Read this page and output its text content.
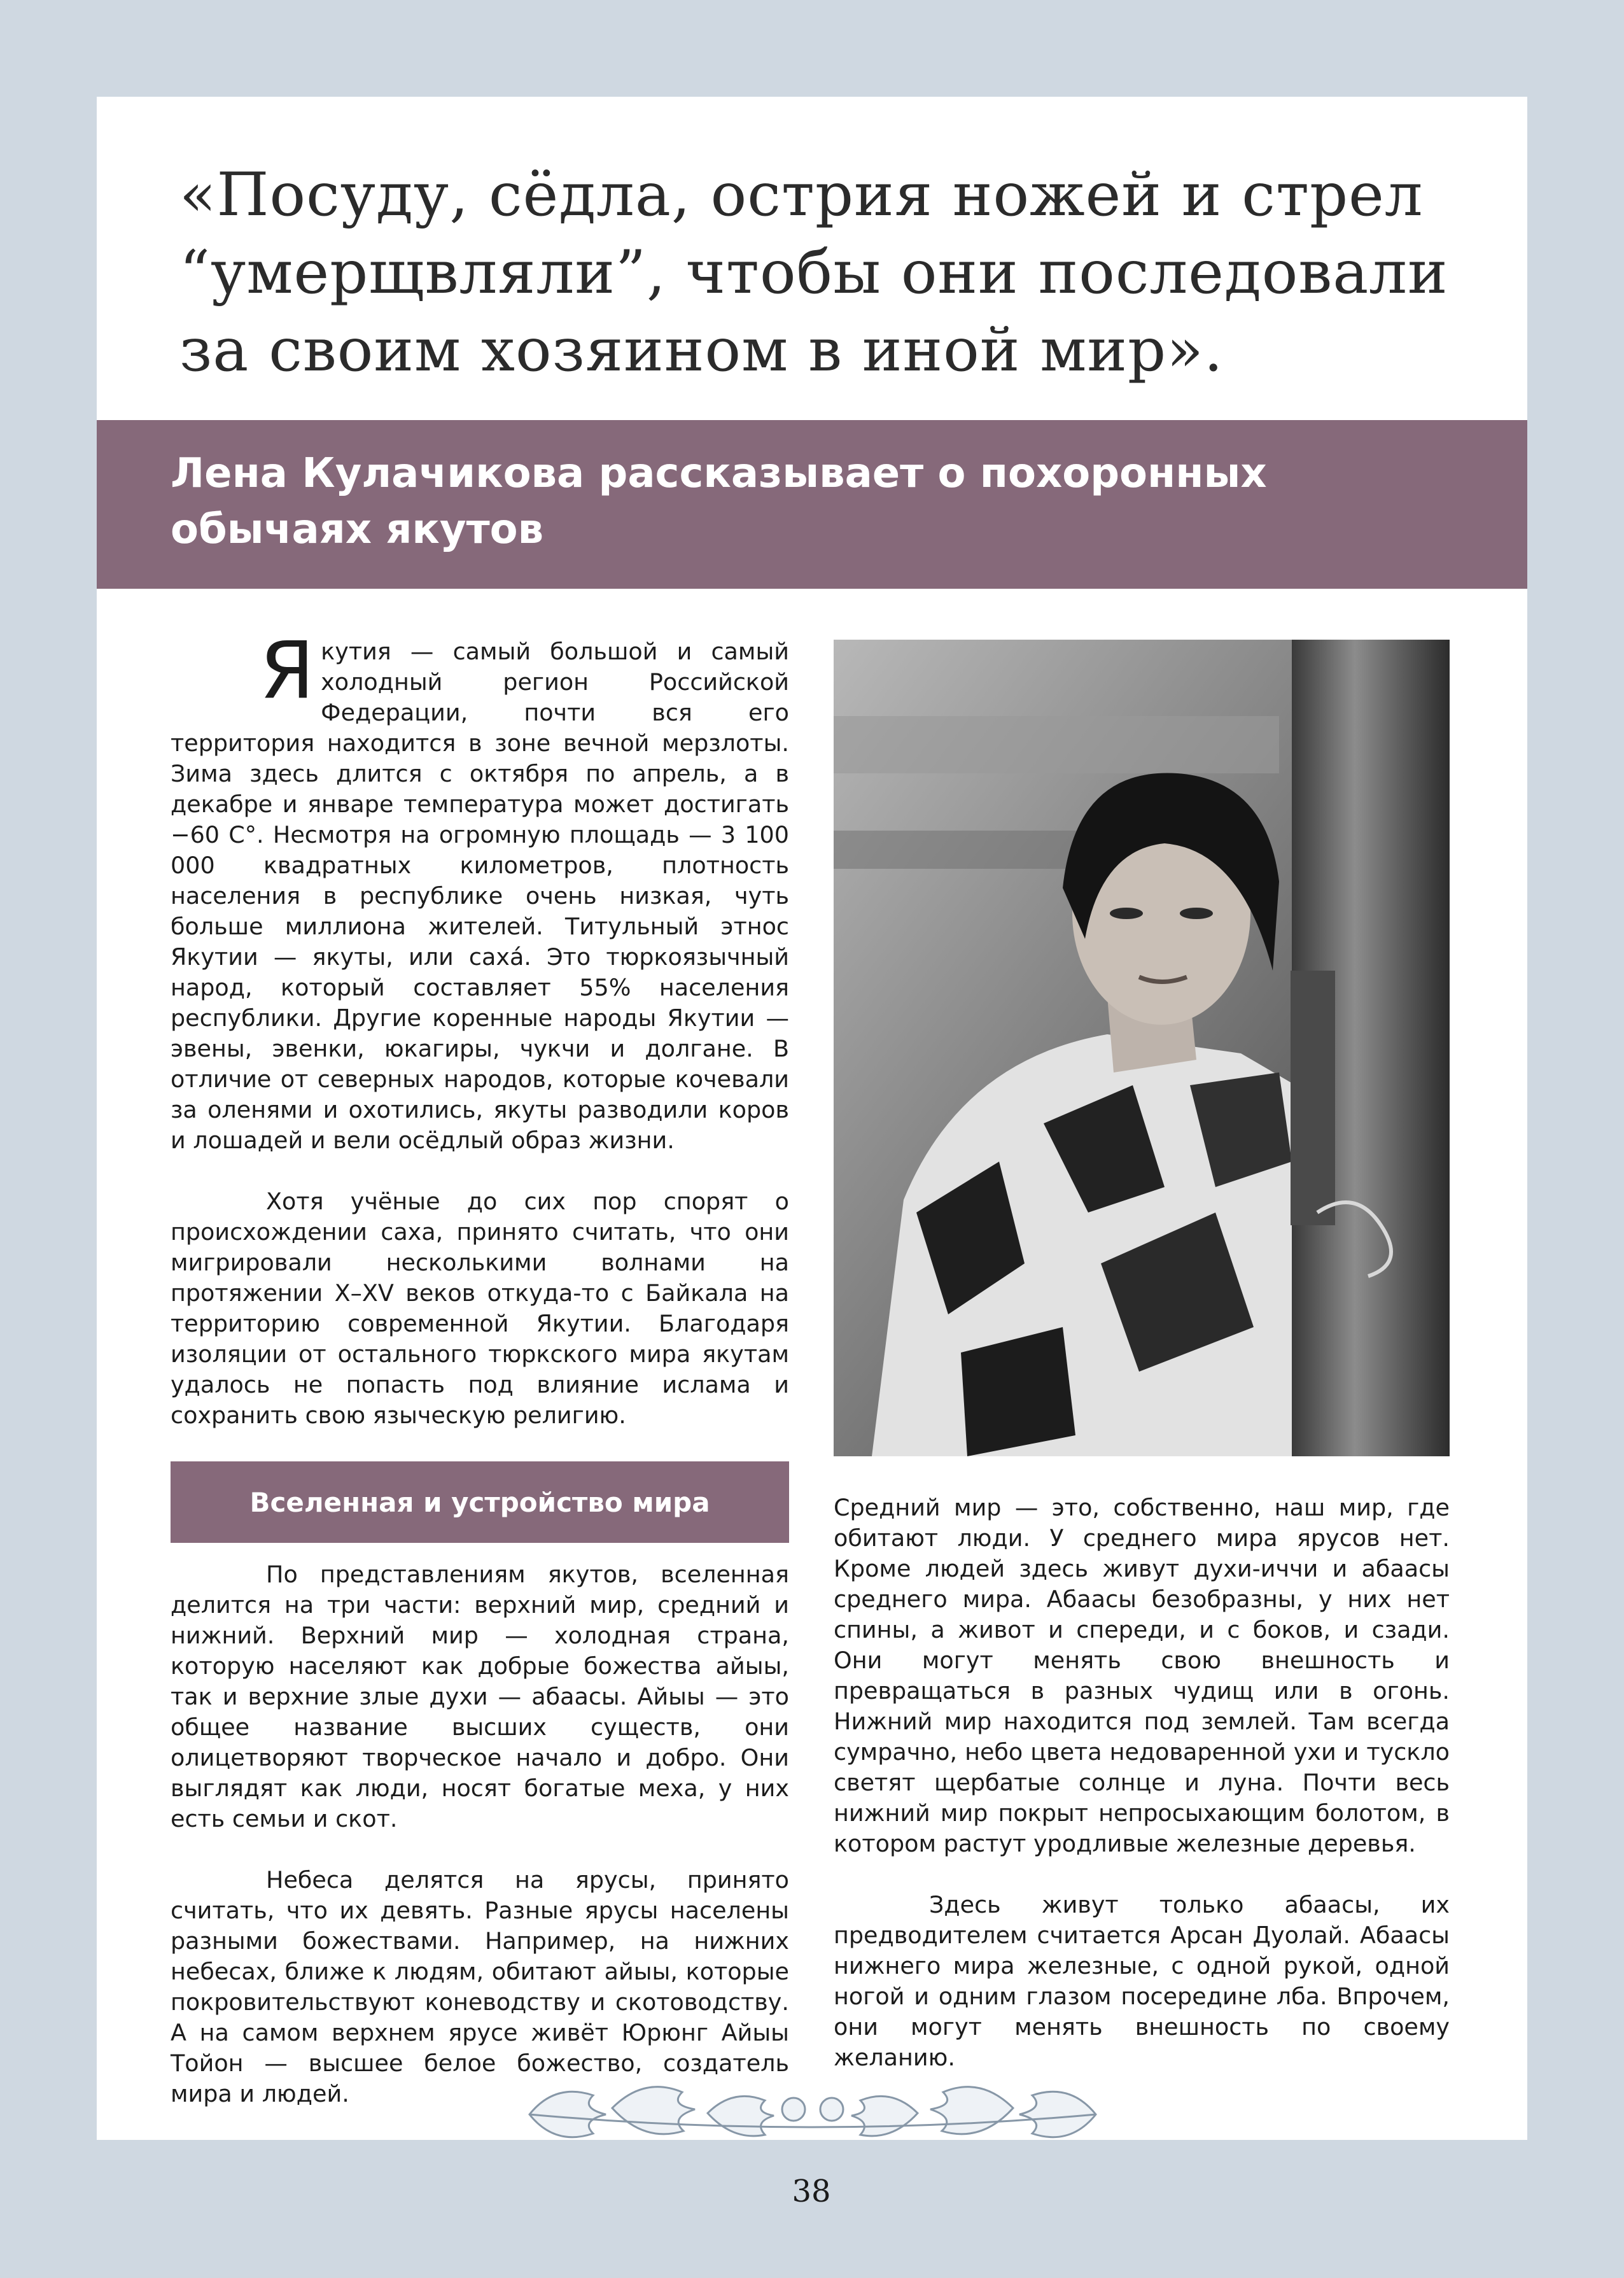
«Посуду, сёдла, острия ножей и стрел
“умерщвляли”, чтобы они последовали
за своим хозяином в иной мир».
Лена Кулачикова рассказывает о похоронных
обычаях якутов

Якутия — самый большой и самый холодный регион Российской Федерации, почти вся его территория находится в зоне вечной мерзлоты. Зима здесь длится с октября по апрель, а в декабре и январе температура может достигать −60 С°. Несмотря на огромную площадь — 3 100 000 квадратных километров, плотность населения в республике очень низкая, чуть больше миллиона жителей. Титульный этнос Якутии — якуты, или саха́. Это тюркоязычный народ, который составляет 55% населения республики. Другие коренные народы Якутии — эвены, эвенки, юкагиры, чукчи и долгане. В отличие от северных народов, которые кочевали за оленями и охотились, якуты разводили коров и лошадей и вели осёдлый образ жизни.

Хотя учёные до сих пор спорят о происхождении саха, принято считать, что они мигрировали несколькими волнами на протяжении X–XV веков откуда-то с Байкала на территорию современной Якутии. Благодаря изоляции от остального тюркского мира якутам удалось не попасть под влияние ислама и сохранить свою языческую религию.

Вселенная и устройство мира

По представлениям якутов, вселенная делится на три части: верхний мир, средний и нижний. Верхний мир — холодная страна, которую населяют как добрые божества айыы, так и верхние злые духи — абаасы. Айыы — это общее название высших существ, они олицетворяют творческое начало и добро. Они выглядят как люди, носят богатые меха, у них есть семьи и скот.

Небеса делятся на ярусы, принято считать, что их девять. Разные ярусы населены разными божествами. Например, на нижних небесах, ближе к людям, обитают айыы, которые покровительствуют коневодству и скотоводству. А на самом верхнем ярусе живёт Юрюнг Айыы Тойон — высшее белое божество, создатель мира и людей.

Средний мир — это, собственно, наш мир, где обитают люди. У среднего мира ярусов нет. Кроме людей здесь живут духи-иччи и абаасы среднего мира. Абаасы безобразны, у них нет спины, а живот и спереди, и с боков, и сзади. Они могут менять свою внешность и превращаться в разных чудищ или в огонь. Нижний мир находится под землей. Там всегда сумрачно, небо цвета недоваренной ухи и тускло светят щербатые солнце и луна. Почти весь нижний мир покрыт непросыхающим болотом, в котором растут уродливые железные деревья.

Здесь живут только абаасы, их предводителем считается Арсан Дуолай. Абаасы нижнего мира железные, с одной рукой, одной ногой и одним глазом посередине лба. Впрочем, они могут менять внешность по своему желанию.

38
